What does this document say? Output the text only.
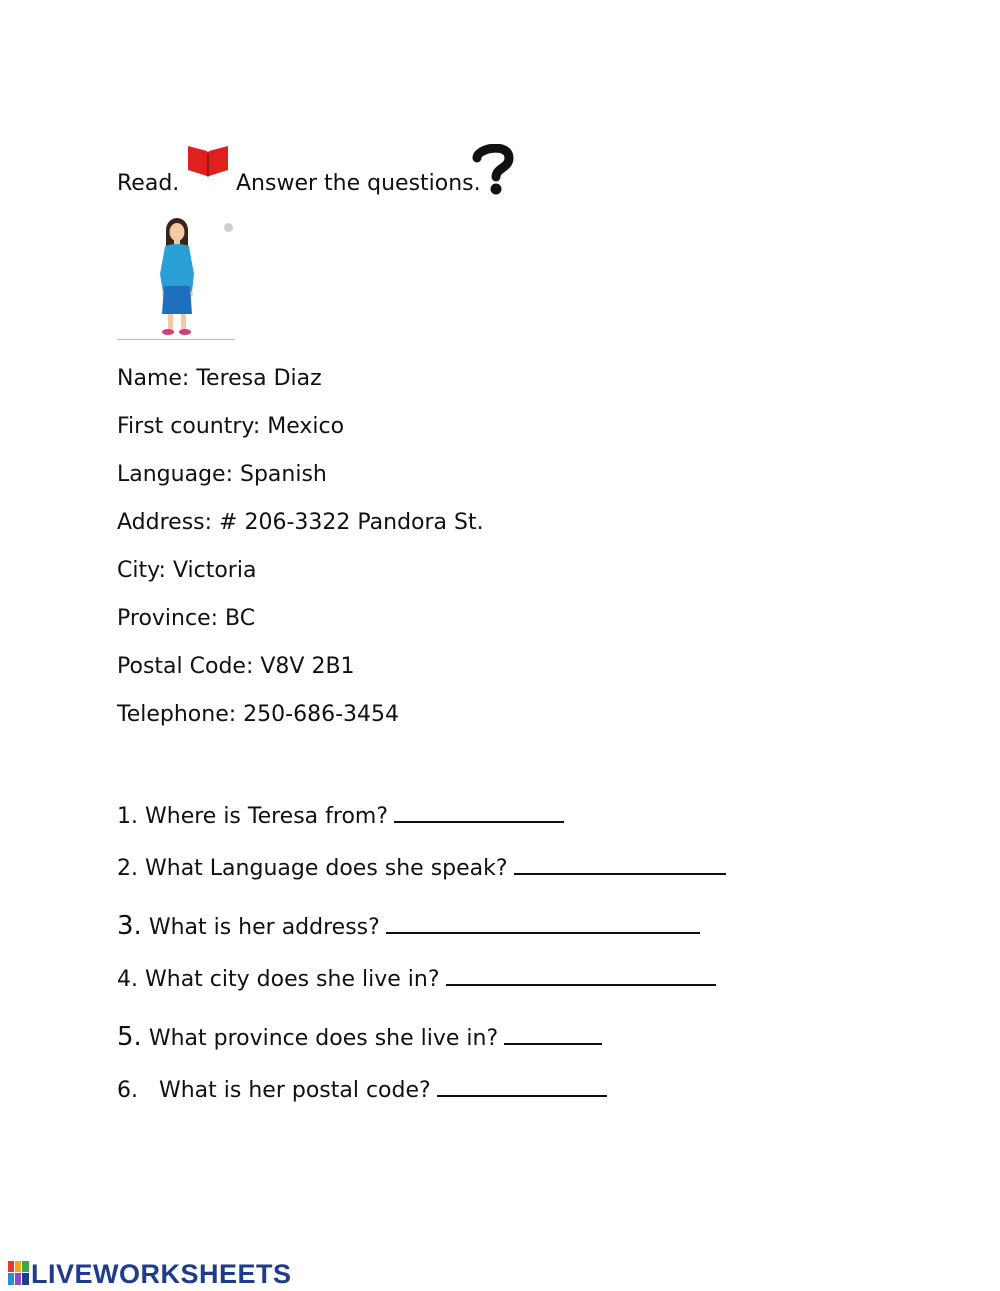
Read.	Answer the questions.
Name: Teresa Diaz
First country: Mexico
Language: Spanish
Address: # 206-3322 Pandora St.
City: Victoria
Province: BC
Postal Code: V8V 2B1
Telephone: 250-686-3454
1. Where is Teresa from?
2. What Language does she speak?
3. What is her address?
4. What city does she live in?
5. What province does she live in?
6. What is her postal code?
LIVEWORKSHEETS
